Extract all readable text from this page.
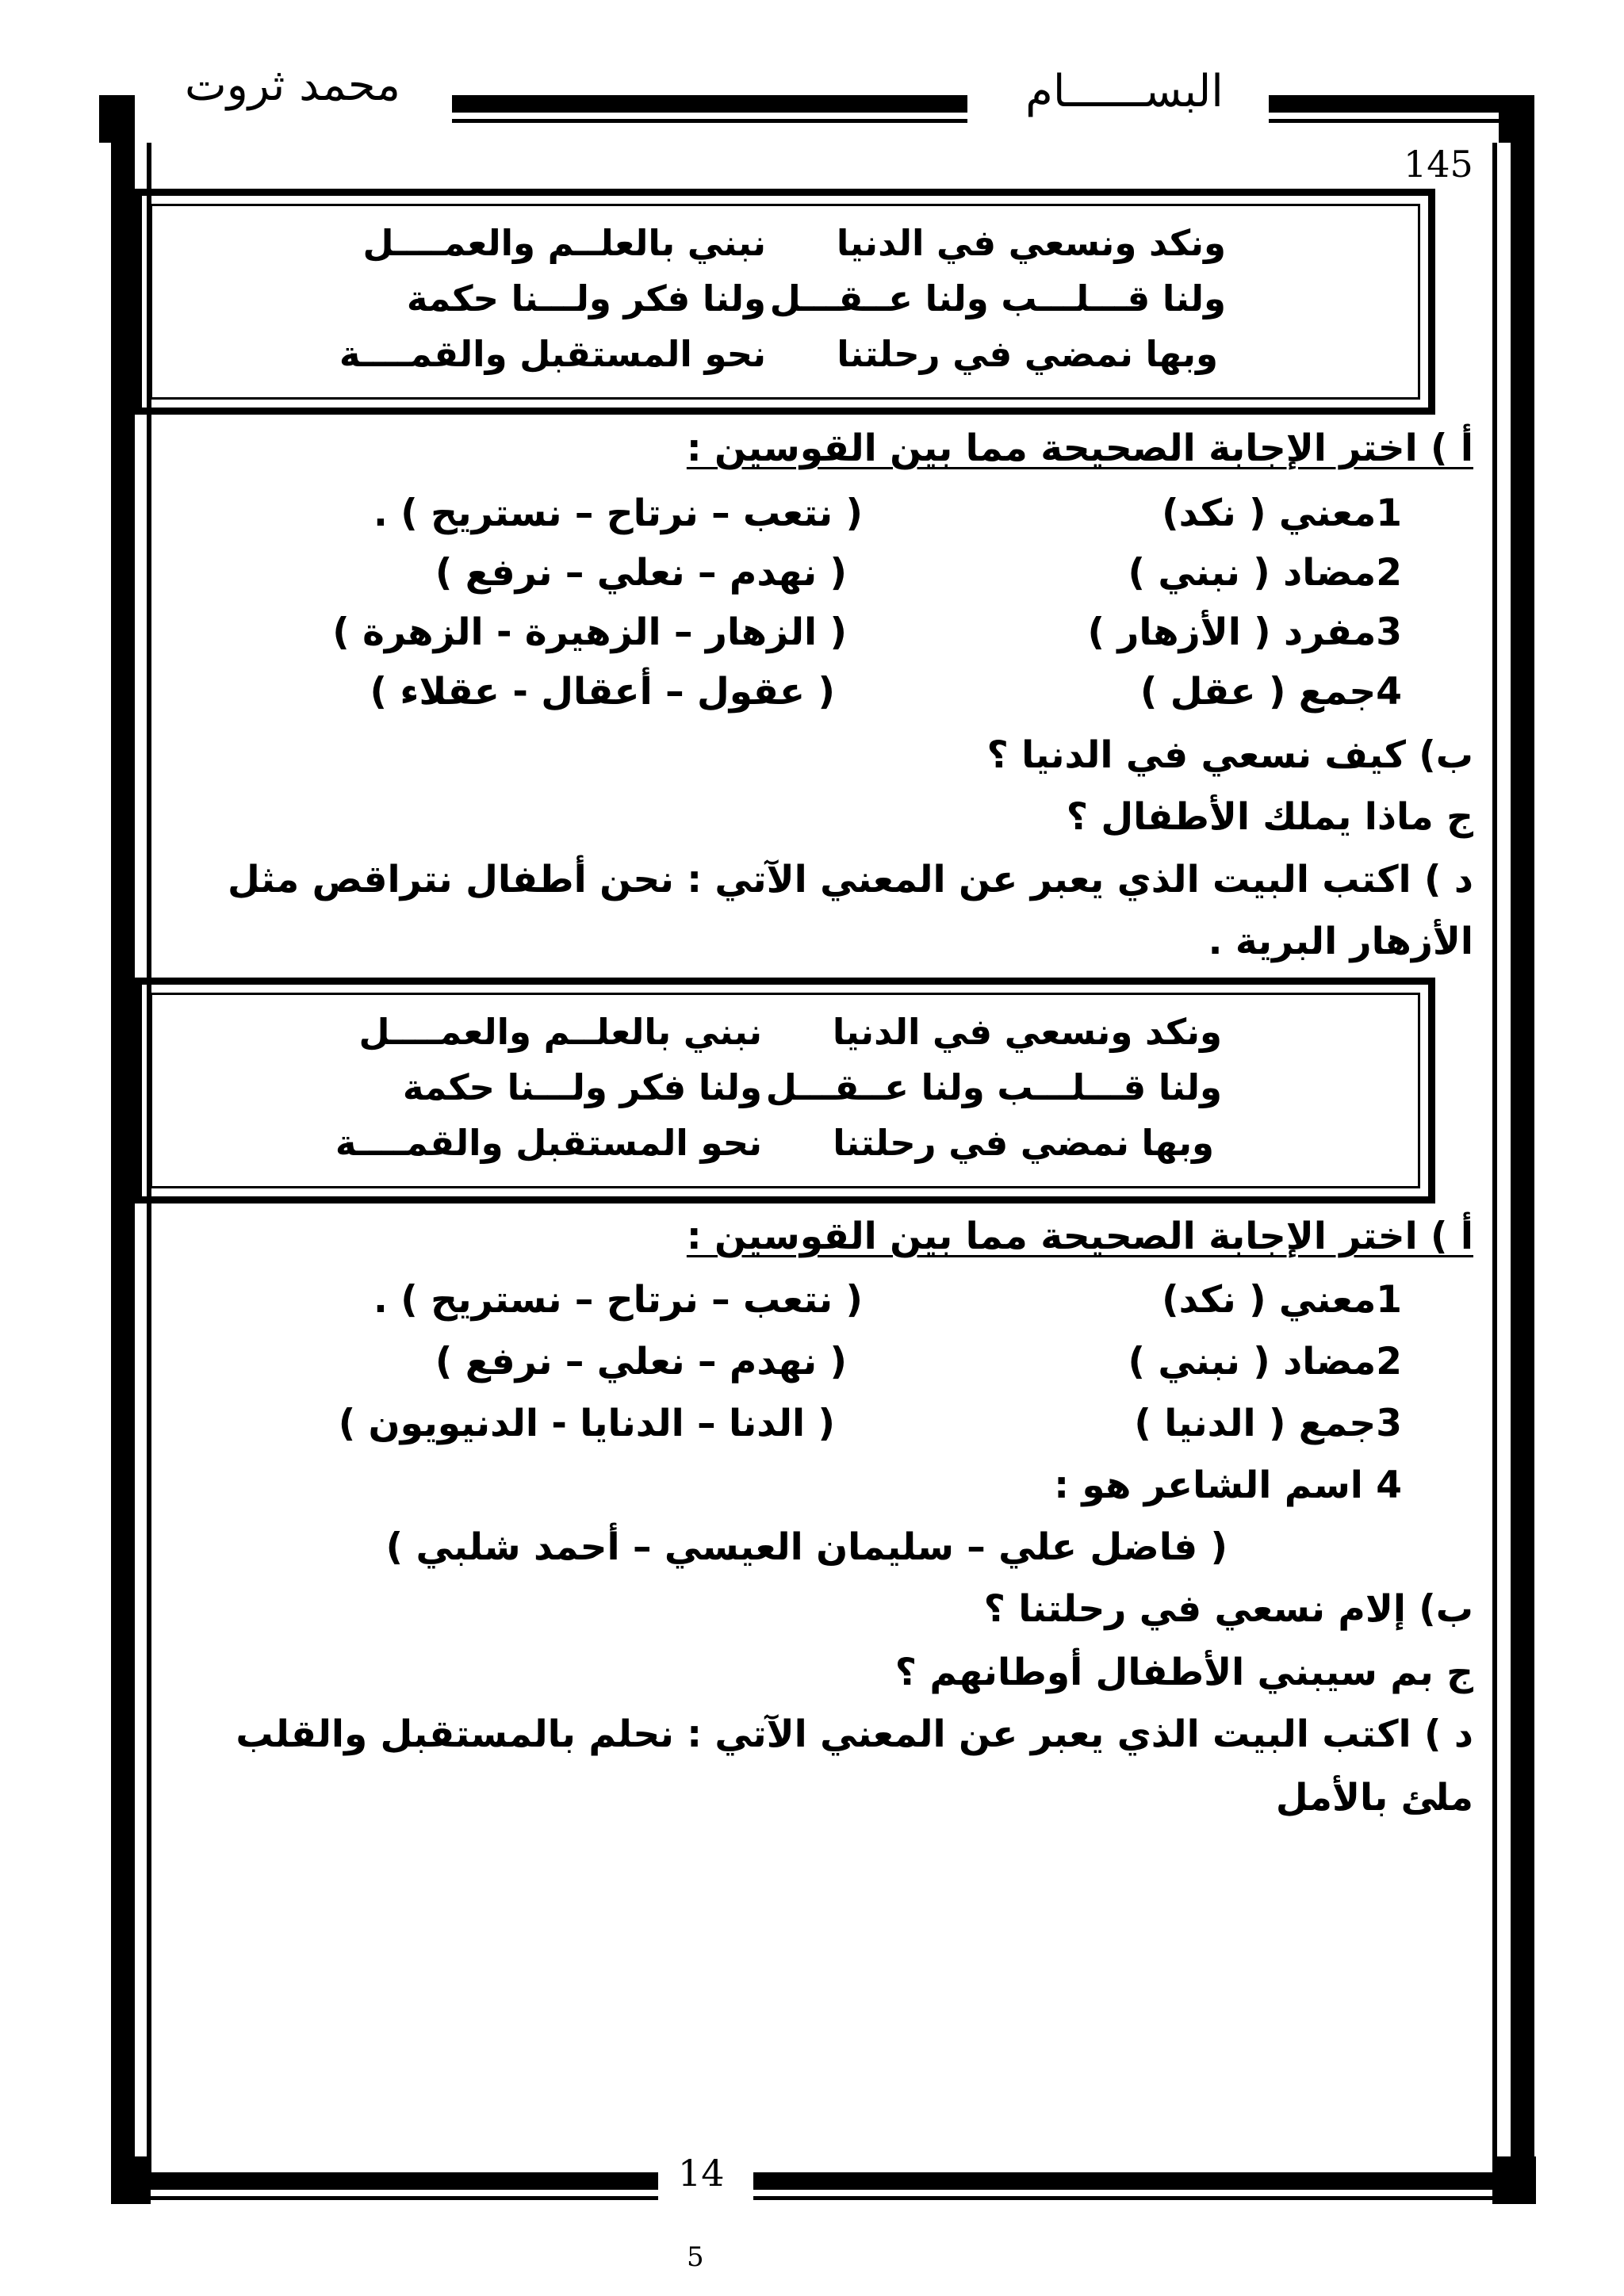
البســــــام
محمد ثروت
145
ونكد ونسعي في الدنيا
نبني بالعلــم والعمــــل
ولنا قـــلـــب ولنا عــقـــل
ولنا فكر ولـــنا حكمة
وبها نمضي في رحلتنا
نحو المستقبل والقمــــة
أ ) اختر الإجابة الصحيحة مما بين القوسين :
1معني ( نكد)
( نتعب – نرتاح – نستريح ) .
2مضاد ( نبني )
( نهدم – نعلي – نرفع )
3مفرد ( الأزهار )
( الزهار – الزهيرة - الزهرة )
4جمع ( عقل )
( عقول – أعقال - عقلاء )
ب) كيف نسعي في الدنيا ؟
ج ماذا يملك الأطفال ؟
د ) اكتب البيت الذي يعبر عن المعني الآتي : نحن أطفال نتراقص مثل
الأزهار البرية .
ونكد ونسعي في الدنيا
نبني بالعلــم والعمــــل
ولنا قـــلـــب ولنا عــقـــل
ولنا فكر ولـــنا حكمة
وبها نمضي في رحلتنا
نحو المستقبل والقمــــة
أ ) اختر الإجابة الصحيحة مما بين القوسين :
1معني ( نكد)
( نتعب – نرتاح – نستريح ) .
2مضاد ( نبني )
( نهدم – نعلي – نرفع )
3جمع ( الدنيا )
( الدنا – الدنايا - الدنيويون )
4 اسم الشاعر هو :
( فاضل علي – سليمان العيسي – أحمد شلبي )
ب) إلام نسعي في رحلتنا ؟
ج بم سيبني الأطفال أوطانهم ؟
د ) اكتب البيت الذي يعبر عن المعني الآتي : نحلم بالمستقبل والقلب
ملئ بالأمل
14
5
